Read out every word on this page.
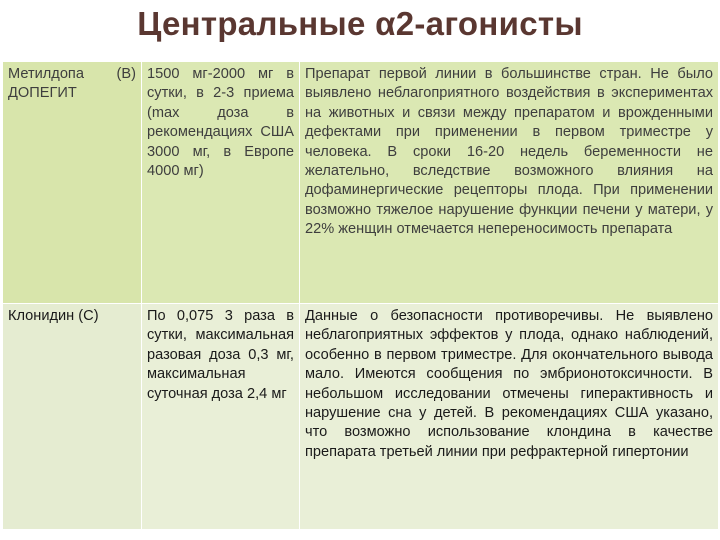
Центральные α2-агонисты
Метилдопа (В) ДОПЕГИТ	1500 мг-2000 мг в сутки, в 2-3 приема (max доза в рекомендациях США 3000 мг, в Европе 4000 мг)	Препарат первой линии в большинстве стран. Не было выявлено неблагоприятного воздействия в экспериментах на животных и связи между препаратом и врожденными дефектами при применении в первом триместре у человека. В сроки 16-20 недель беременности не желательно, вследствие возможного влияния на дофаминергические рецепторы плода. При применении возможно тяжелое нарушение функции печени у матери, у 22% женщин отмечается непереносимость препарата
Клонидин (С)	По 0,075 3 раза в сутки, максимальная разовая доза 0,3 мг, максимальная суточная доза 2,4 мг	Данные о безопасности противоречивы. Не выявлено неблагоприятных эффектов у плода, однако наблюдений, особенно в первом триместре. Для окончательного вывода мало. Имеются сообщения по эмбрионотоксичности. В небольшом исследовании отмечены гиперактивность и нарушение сна у детей. В рекомендациях США указано, что возможно использование клондина в качестве препарата третьей линии при рефрактерной гипертонии
